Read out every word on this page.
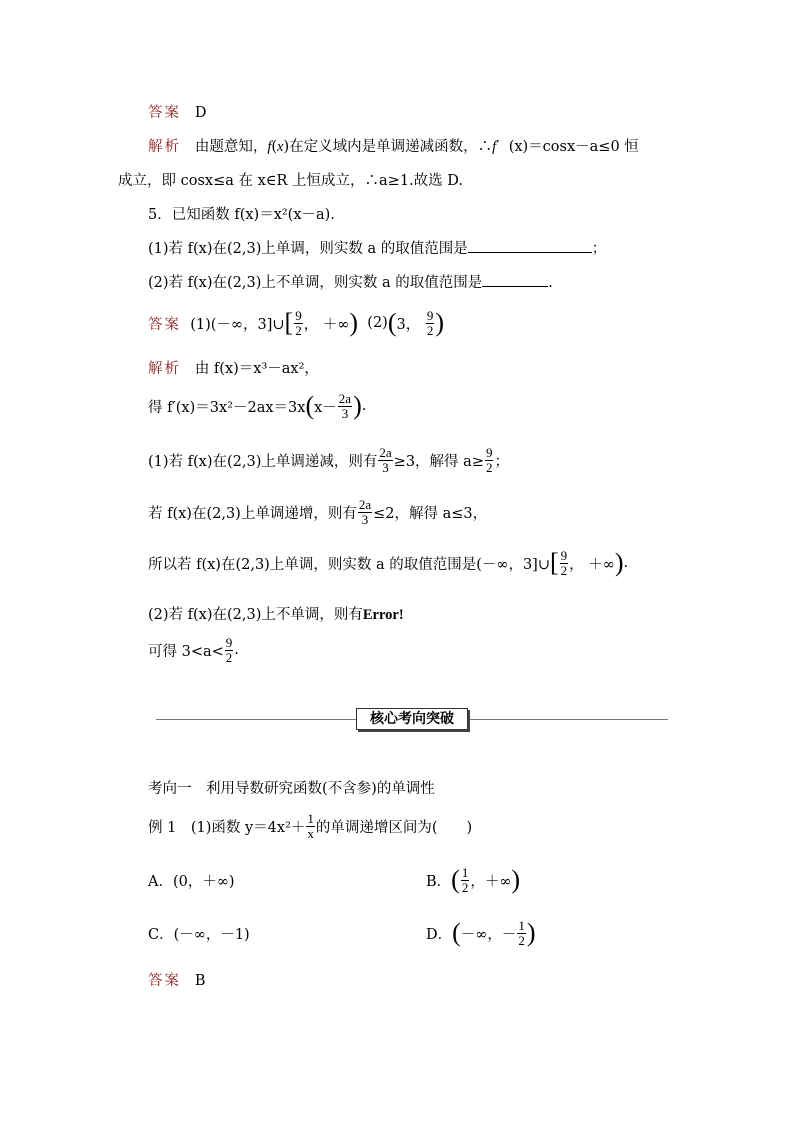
答案 D
解析 由题意知，f(x)在定义域内是单调递减函数，∴f′  (x)＝cosx－a≤0 恒
成立，即 cosx≤a 在 x∈R 上恒成立，∴a≥1.故选 D.
5．已知函数 f(x)＝x²(x－a)．
(1)若 f(x)在(2,3)上单调，则实数 a 的取值范围是	；
(2)若 f(x)在(2,3)上不单调，则实数 a 的取值范围是	.
答案
(1)(－∞，3]∪ [ $\frac{9}{2}$ ， ＋∞ )
(2) ( 3，
$\frac{9}{2}$ )
解析 由 f(x)＝x³－ax²，
得 f′(x)＝3x²－2ax＝3x ( $x- \frac{2a}{3}$ ) .
(1)若 f(x)在(2,3)上单调递减，则有 $\frac{2a}{3} \ge 3$，解得 $a\ge \frac{9}{2}$ ；
若 f(x)在(2,3)上单调递增，则有 $\frac{2a}{3} \le 2$，解得 a≤3，
所以若 f(x)在(2,3)上单调，则实数 a 的取值范围是(－∞，3]∪ [ $\frac{9}{2}$ ， ＋∞ ) .
(2)若 f(x)在(2,3)上不单调，则有Error!
可得 $3<a< \frac{9}{2}$ .
核心考向突破
考向一　利用导数研究函数(不含参)的单调性
例 1　(1)函数 $y=4x^2+ \frac{1}{x}$ 的单调递增区间为(　　)
A．(0，＋∞)	B． ( $\frac{1}{2}$ ，＋∞ )
C．(－∞，－1)	D． ( －∞，－ $\frac{1}{2}$ )
答案 B
